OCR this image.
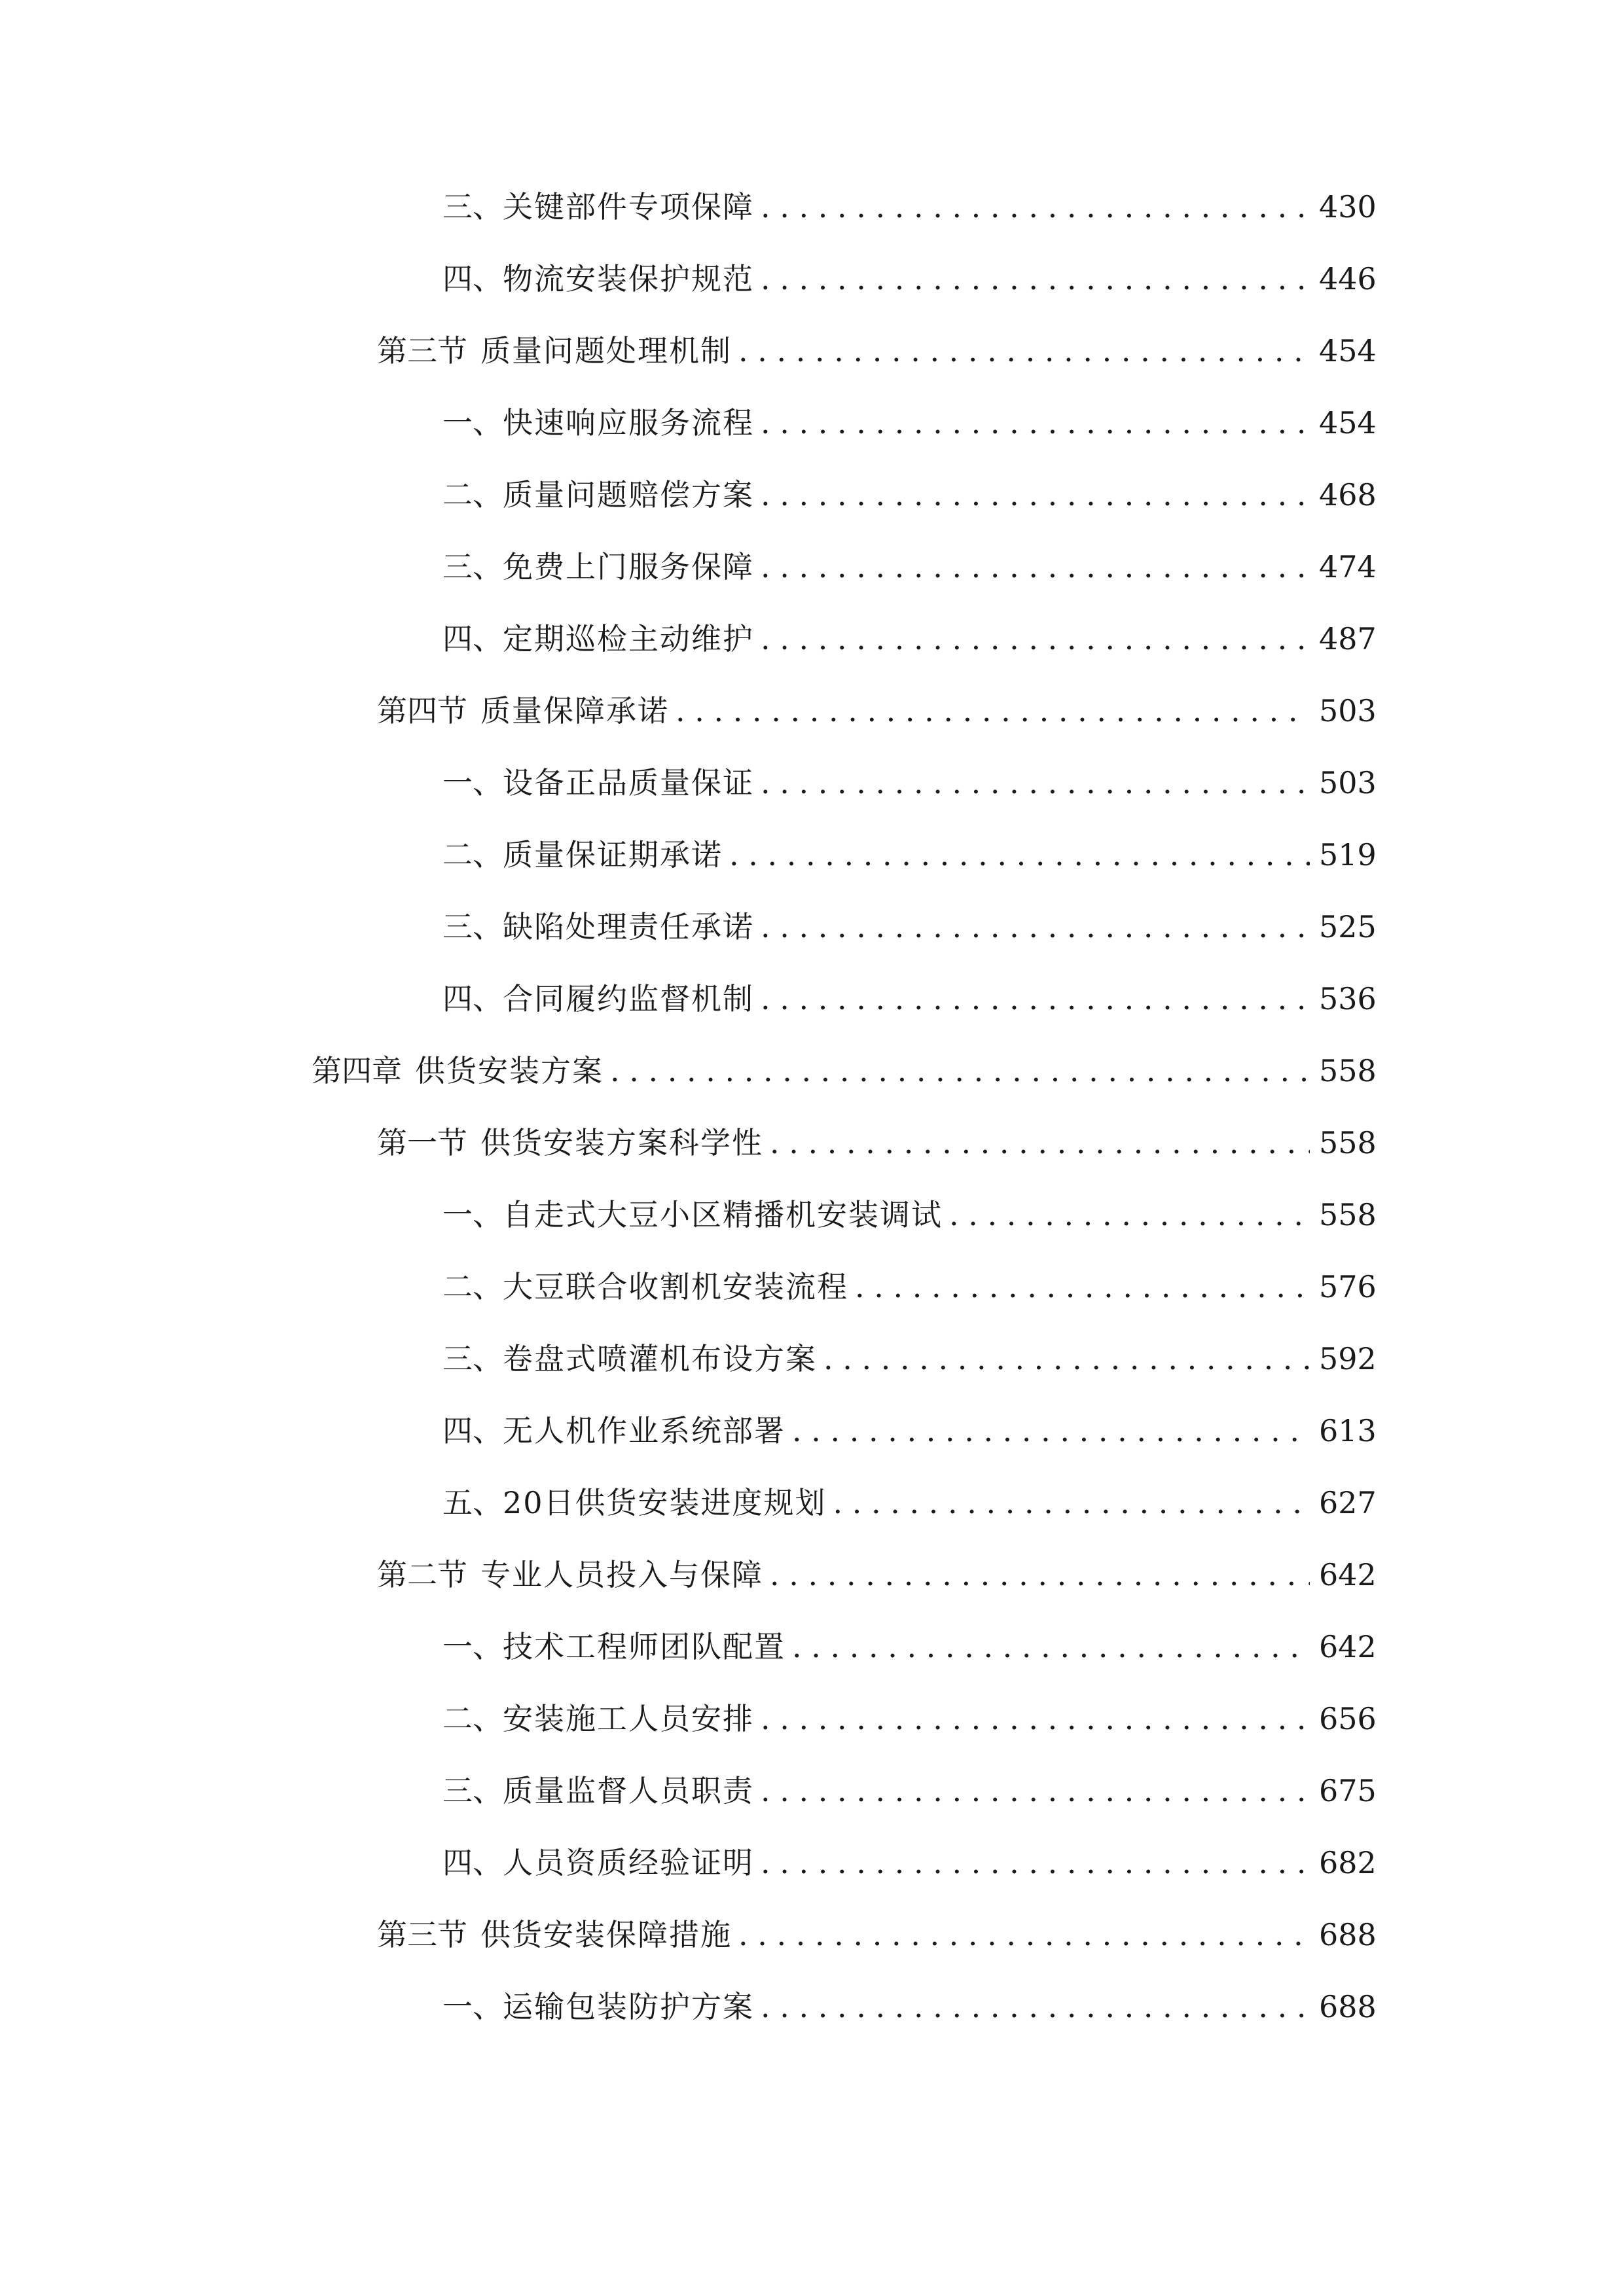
三、 关键部件专项保障 . . .	430
四、 物流安装保护规范 . . .	446
第三节 质量问题处理机制 . . .	454
一、 快速响应服务流程 . . .	454
二、 质量问题赔偿方案 . . .	468
三、 免费上门服务保障 . . .	474
四、 定期巡检主动维护 . . .	487
第四节 质量保障承诺 . . .	503
一、 设备正品质量保证 . . .	503
二、 质量保证期承诺 . . .	519
三、 缺陷处理责任承诺 . . .	525
四、 合同履约监督机制 . . .	536
第四章 供货安装方案 . . .	558
第一节 供货安装方案科学性 . . .	558
一、 自走式大豆小区精播机安装调试 . . .	558
二、 大豆联合收割机安装流程 . . .	576
三、 卷盘式喷灌机布设方案 . . .	592
四、 无人机作业系统部署 . . .	613
五、 20日供货安装进度规划 . . .	627
第二节 专业人员投入与保障 . . .	642
一、 技术工程师团队配置 . . .	642
二、 安装施工人员安排 . . .	656
三、 质量监督人员职责 . . .	675
四、 人员资质经验证明 . . .	682
第三节 供货安装保障措施 . . .	688
一、 运输包装防护方案 . . .	688
